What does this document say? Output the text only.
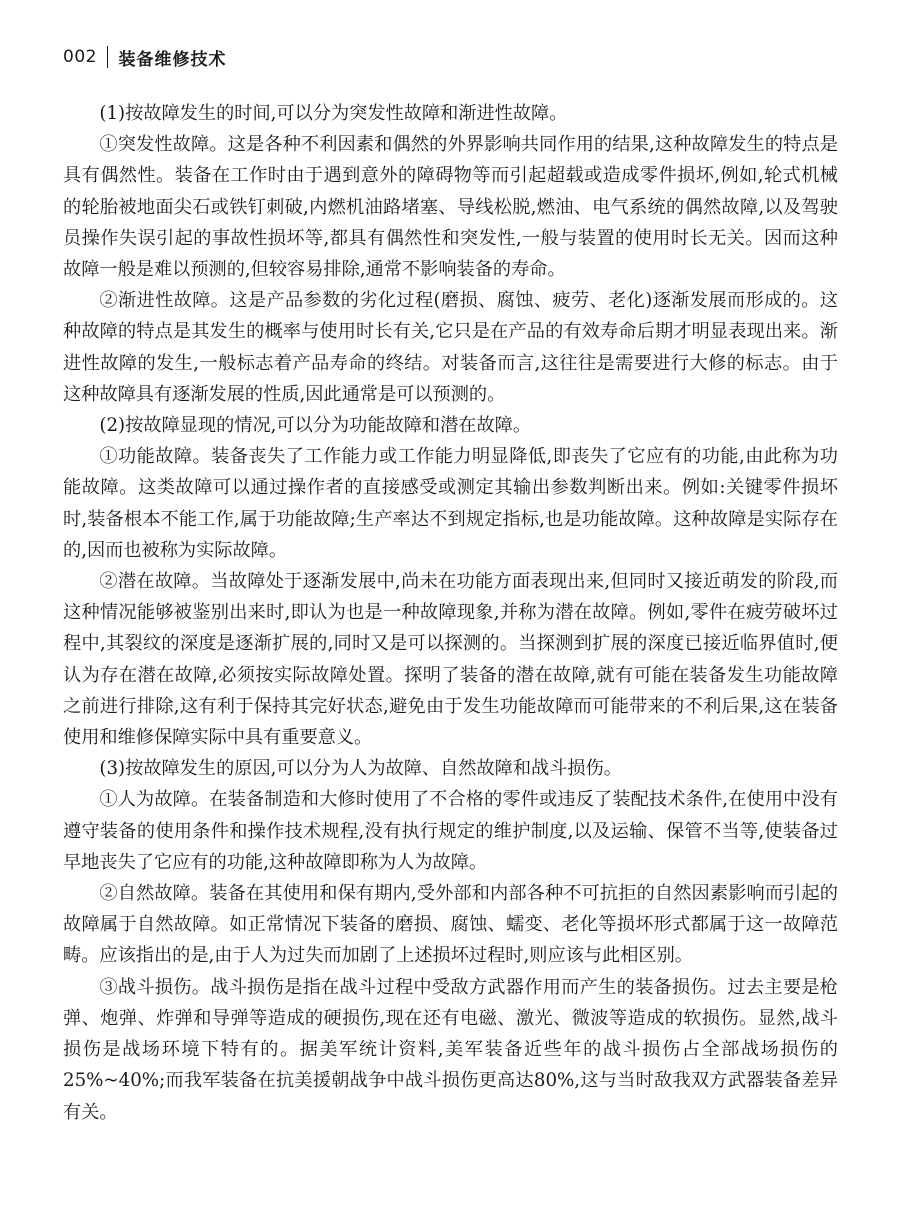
002 装备维修技术

(1)按故障发生的时间,可以分为突发性故障和渐进性故障。

①突发性故障。这是各种不利因素和偶然的外界影响共同作用的结果,这种故障发生的特点是具有偶然性。装备在工作时由于遇到意外的障碍物等而引起超载或造成零件损坏,例如,轮式机械的轮胎被地面尖石或铁钉刺破,内燃机油路堵塞、导线松脱,燃油、电气系统的偶然故障,以及驾驶员操作失误引起的事故性损坏等,都具有偶然性和突发性,一般与装置的使用时长无关。因而这种故障一般是难以预测的,但较容易排除,通常不影响装备的寿命。

②渐进性故障。这是产品参数的劣化过程(磨损、腐蚀、疲劳、老化)逐渐发展而形成的。这种故障的特点是其发生的概率与使用时长有关,它只是在产品的有效寿命后期才明显表现出来。渐进性故障的发生,一般标志着产品寿命的终结。对装备而言,这往往是需要进行大修的标志。由于这种故障具有逐渐发展的性质,因此通常是可以预测的。

(2)按故障显现的情况,可以分为功能故障和潜在故障。

①功能故障。装备丧失了工作能力或工作能力明显降低,即丧失了它应有的功能,由此称为功能故障。这类故障可以通过操作者的直接感受或测定其输出参数判断出来。例如:关键零件损坏时,装备根本不能工作,属于功能故障;生产率达不到规定指标,也是功能故障。这种故障是实际存在的,因而也被称为实际故障。

②潜在故障。当故障处于逐渐发展中,尚未在功能方面表现出来,但同时又接近萌发的阶段,而这种情况能够被鉴别出来时,即认为也是一种故障现象,并称为潜在故障。例如,零件在疲劳破坏过程中,其裂纹的深度是逐渐扩展的,同时又是可以探测的。当探测到扩展的深度已接近临界值时,便认为存在潜在故障,必须按实际故障处置。探明了装备的潜在故障,就有可能在装备发生功能故障之前进行排除,这有利于保持其完好状态,避免由于发生功能故障而可能带来的不利后果,这在装备使用和维修保障实际中具有重要意义。

(3)按故障发生的原因,可以分为人为故障、自然故障和战斗损伤。

①人为故障。在装备制造和大修时使用了不合格的零件或违反了装配技术条件,在使用中没有遵守装备的使用条件和操作技术规程,没有执行规定的维护制度,以及运输、保管不当等,使装备过早地丧失了它应有的功能,这种故障即称为人为故障。

②自然故障。装备在其使用和保有期内,受外部和内部各种不可抗拒的自然因素影响而引起的故障属于自然故障。如正常情况下装备的磨损、腐蚀、蠕变、老化等损坏形式都属于这一故障范畴。应该指出的是,由于人为过失而加剧了上述损坏过程时,则应该与此相区别。

③战斗损伤。战斗损伤是指在战斗过程中受敌方武器作用而产生的装备损伤。过去主要是枪弹、炮弹、炸弹和导弹等造成的硬损伤,现在还有电磁、激光、微波等造成的软损伤。显然,战斗损伤是战场环境下特有的。据美军统计资料,美军装备近些年的战斗损伤占全部战场损伤的25%~40%;而我军装备在抗美援朝战争中战斗损伤更高达80%,这与当时敌我双方武器装备差异有关。
